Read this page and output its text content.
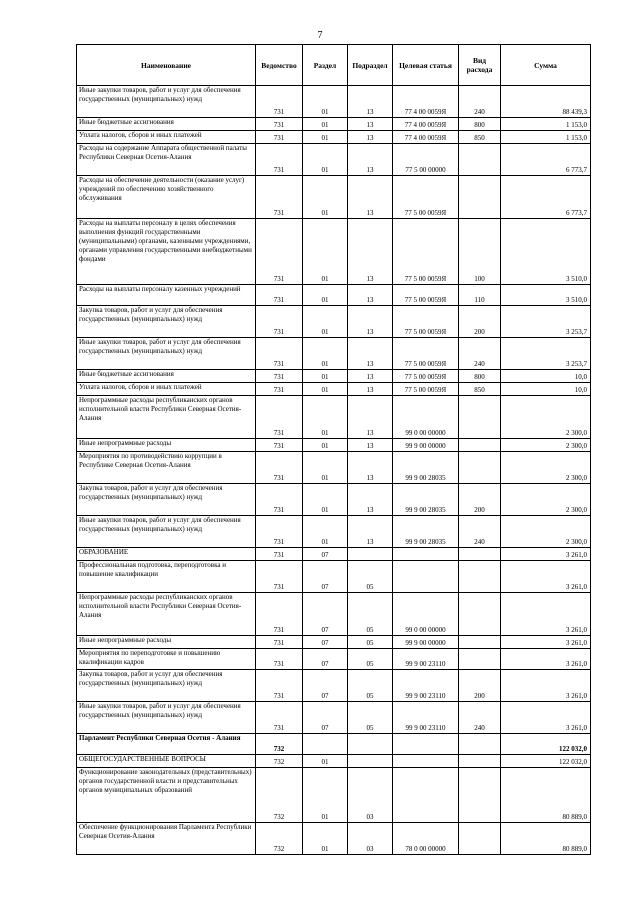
7
Наименование	Ведомство	Раздел	Подраздел	Целевая статья	Вид расхода	Сумма
Иные закупки товаров, работ и услуг для обеспечения государственных (муниципальных) нужд	731	01	13	77 4 00 0059Я	240	88 439,3
Иные бюджетные ассигнования	731	01	13	77 4 00 0059Я	800	1 153,0
Уплата налогов, сборов и иных платежей	731	01	13	77 4 00 0059Я	850	1 153,0
Расходы на содержание Аппарата общественной палаты Республики Северная Осетия-Алания	731	01	13	77 5 00 00000		6 773,7
Расходы на обеспечение деятельности (оказание услуг) учреждений по обеспечению хозяйственного обслуживания	731	01	13	77 5 00 0059Я		6 773,7
Расходы на выплаты персоналу в целях обеспечения выполнения функций государственными (муниципальными) органами, казенными учреждениями, органами управления государственными внебюджетными фондами	731	01	13	77 5 00 0059Я	100	3 510,0
Расходы на выплаты персоналу казенных учреждений	731	01	13	77 5 00 0059Я	110	3 510,0
Закупка товаров, работ и услуг для обеспечения государственных (муниципальных) нужд	731	01	13	77 5 00 0059Я	200	3 253,7
Иные закупки товаров, работ и услуг для обеспечения государственных (муниципальных) нужд	731	01	13	77 5 00 0059Я	240	3 253,7
Иные бюджетные ассигнования	731	01	13	77 5 00 0059Я	800	10,0
Уплата налогов, сборов и иных платежей	731	01	13	77 5 00 0059Я	850	10,0
Непрограммные расходы республиканских органов исполнительной власти Республики Северная Осетия-Алания	731	01	13	99 0 00 00000		2 300,0
Иные непрограммные расходы	731	01	13	99 9 00 00000		2 300,0
Мероприятия по противодействию коррупции в Республике Северная Осетия-Алания	731	01	13	99 9 00 28035		2 300,0
Закупка товаров, работ и услуг для обеспечения государственных (муниципальных) нужд	731	01	13	99 9 00 28035	200	2 300,0
Иные закупки товаров, работ и услуг для обеспечения государственных (муниципальных) нужд	731	01	13	99 9 00 28035	240	2 300,0
ОБРАЗОВАНИЕ	731	07				3 261,0
Профессиональная подготовка, переподготовка и повышение квалификации	731	07	05			3 261,0
Непрограммные расходы республиканских органов исполнительной власти Республики Северная Осетия-Алания	731	07	05	99 0 00 00000		3 261,0
Иные непрограммные расходы	731	07	05	99 9 00 00000		3 261,0
Мероприятия по переподготовке и повышению квалификации кадров	731	07	05	99 9 00 23110		3 261,0
Закупка товаров, работ и услуг для обеспечения государственных (муниципальных) нужд	731	07	05	99 9 00 23110	200	3 261,0
Иные закупки товаров, работ и услуг для обеспечения государственных (муниципальных) нужд	731	07	05	99 9 00 23110	240	3 261,0
Парламент Республики Северная Осетия - Алания	732					122 032,0
ОБЩЕГОСУДАРСТВЕННЫЕ ВОПРОСЫ	732	01				122 032,0
Функционирование законодательных (представительных) органов государственной власти и представительных органов муниципальных образований	732	01	03			80 889,0
Обеспечение функционирования Парламента Республики Северная Осетия-Алания	732	01	03	78 0 00 00000		80 889,0
